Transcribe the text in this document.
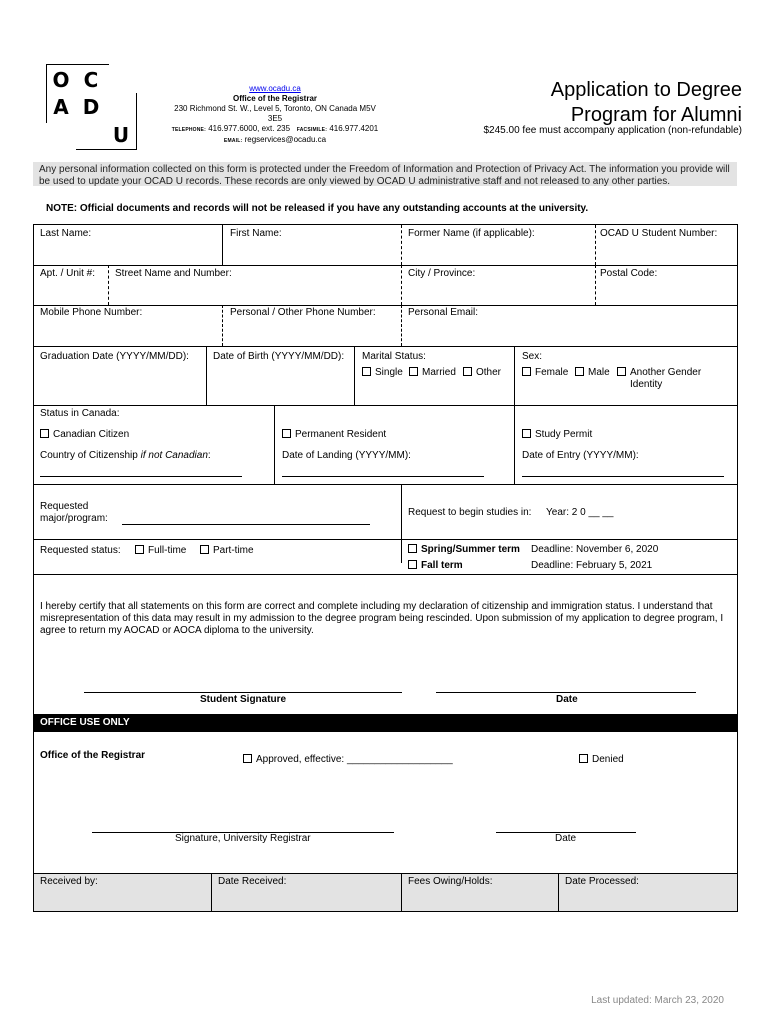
O C
A D
U
www.ocadu.ca
Office of the Registrar
230 Richmond St. W., Level 5, Toronto, ON Canada M5V 3E5
TELEPHONE: 416.977.6000, ext. 235 FACSIMILE: 416.977.4201
EMAIL: regservices@ocadu.ca
Application to Degree
Program for Alumni
$245.00 fee must accompany application (non-refundable)
Any personal information collected on this form is protected under the Freedom of Information and Protection of Privacy Act. The information you provide will be used to update your OCAD U records. These records are only viewed by OCAD U administrative staff and not released to any other parties.
NOTE: Official documents and records will not be released if you have any outstanding accounts at the university.
Last Name:	First Name:	Former Name (if applicable):	OCAD U Student Number:
Apt. / Unit #: Street Name and Number:	City / Province:	Postal Code:
Mobile Phone Number:	Personal / Other Phone Number:	Personal Email:
Graduation Date (YYYY/MM/DD): Date of Birth (YYYY/MM/DD): Marital Status:
Single	Married	Other
Sex:
Female	Male	Another Gender
Identity
Status in Canada:
Canadian Citizen	Permanent Resident	Study Permit
Country of Citizenship if not Canadian:	Date of Landing (YYYY/MM):	Date of Entry (YYYY/MM):
Requested
major/program:
Request to begin studies in: Year: 2 0 __ __
Requested status:	Full-time	Part-time	Spring/Summer term Deadline: November 6, 2020
Fall term	Deadline: February 5, 2021
I hereby certify that all statements on this form are correct and complete including my declaration of citizenship and immigration status. I understand that misrepresentation of this data may result in my admission to the degree program being rescinded. Upon submission of my application to degree program, I agree to return my AOCAD or AOCA diploma to the university.
Student Signature	Date
Office of the Registrar	Approved, effective: ___________________	Denied
Signature, University Registrar	Date
OFFICE USE ONLY
Received by:	Date Received:	Fees Owing/Holds:	Date Processed:
Last updated: March 23, 2020
